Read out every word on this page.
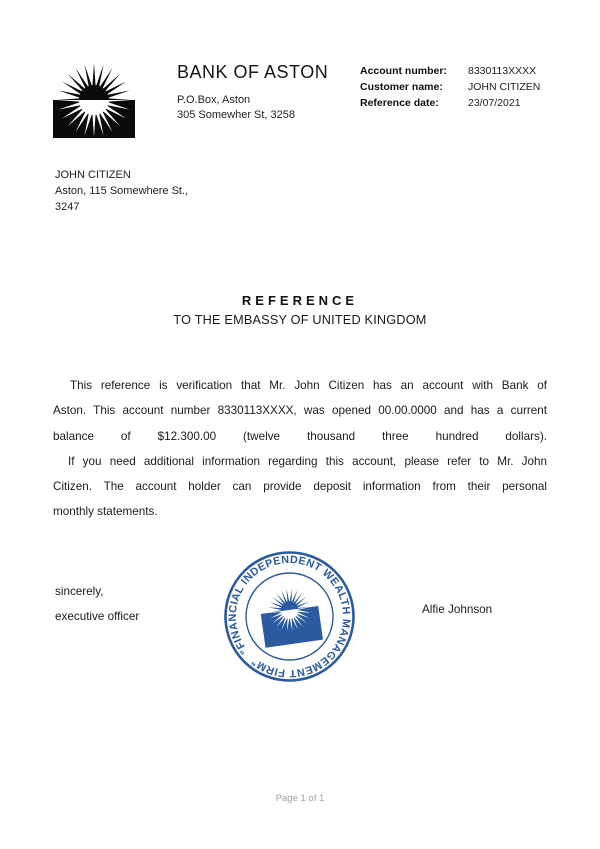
BANK OF ASTON
P.O.Box, Aston
305 Somewher St, 3258
Account number:	8330113XXXX
Customer name:	JOHN CITIZEN
Reference date:	23/07/2021
JOHN CITIZEN
Aston, 115 Somewhere St.,
3247
REFERENCE
TO THE EMBASSY OF UNITED KINGDOM
This reference is verification that Mr. John Citizen has an account with Bank of
Aston. This account number 8330113XXXX, was opened 00.00.0000 and has a current
balance of $12.300.00 (twelve thousand three hundred dollars).
If you need additional information regarding this account, please refer to Mr. John
Citizen. The account holder can provide deposit information from their personal
monthly statements.
sincerely,
executive officer	Alfie Johnson
"FINANCIAL INDEPENDENT WEALTH MANAGEMENT FIRM"
Page 1 of 1
